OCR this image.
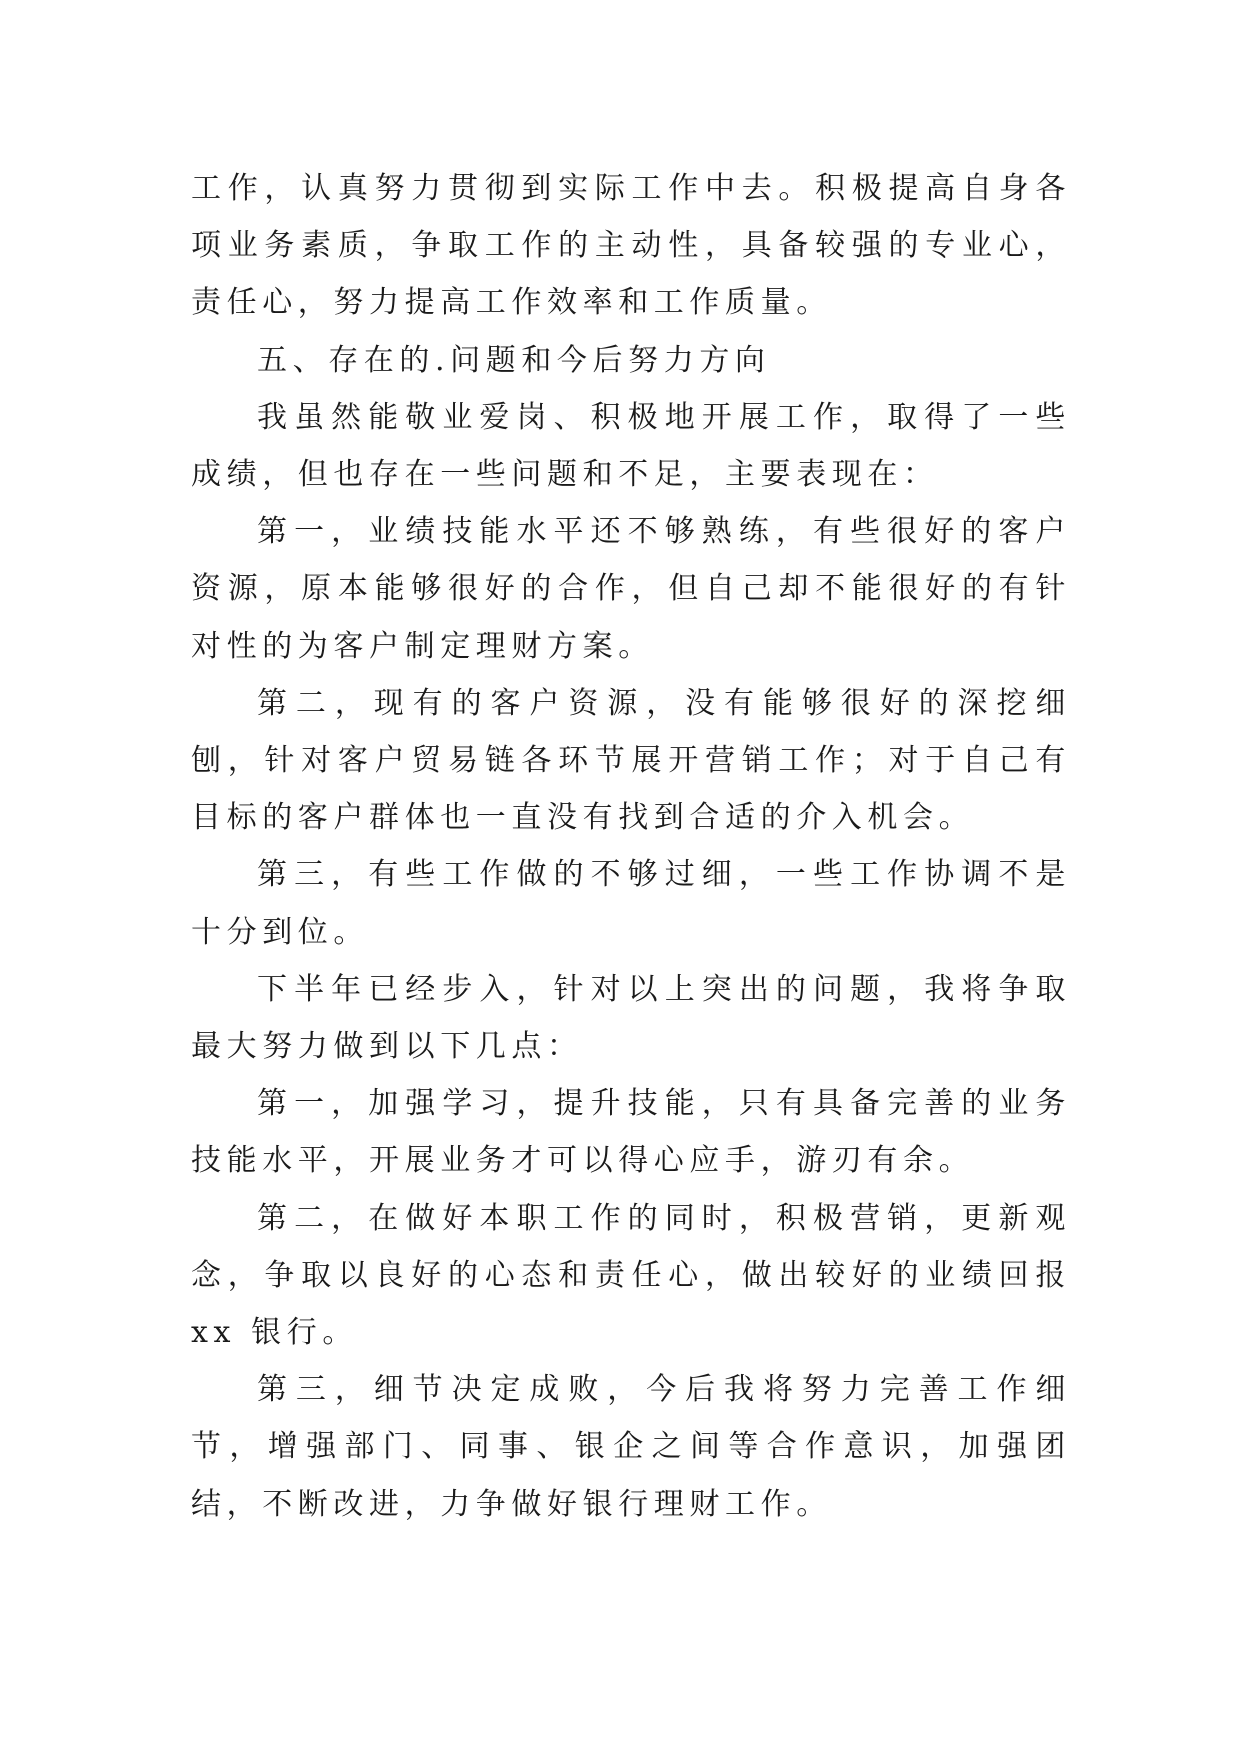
工作，认真努力贯彻到实际工作中去。积极提高自身各项业务素质，争取工作的主动性，具备较强的专业心，责任心，努力提高工作效率和工作质量。

五、存在的.问题和今后努力方向

我虽然能敬业爱岗、积极地开展工作，取得了一些成绩，但也存在一些问题和不足，主要表现在：

第一，业绩技能水平还不够熟练，有些很好的客户资源，原本能够很好的合作，但自己却不能很好的有针对性的为客户制定理财方案。

第二，现有的客户资源，没有能够很好的深挖细刨，针对客户贸易链各环节展开营销工作；对于自己有目标的客户群体也一直没有找到合适的介入机会。

第三，有些工作做的不够过细，一些工作协调不是十分到位。

下半年已经步入，针对以上突出的问题，我将争取最大努力做到以下几点：

第一，加强学习，提升技能，只有具备完善的业务技能水平，开展业务才可以得心应手，游刃有余。

第二，在做好本职工作的同时，积极营销，更新观念，争取以良好的心态和责任心，做出较好的业绩回报 xx 银行。

第三，细节决定成败，今后我将努力完善工作细节，增强部门、同事、银企之间等合作意识，加强团结，不断改进，力争做好银行理财工作。
